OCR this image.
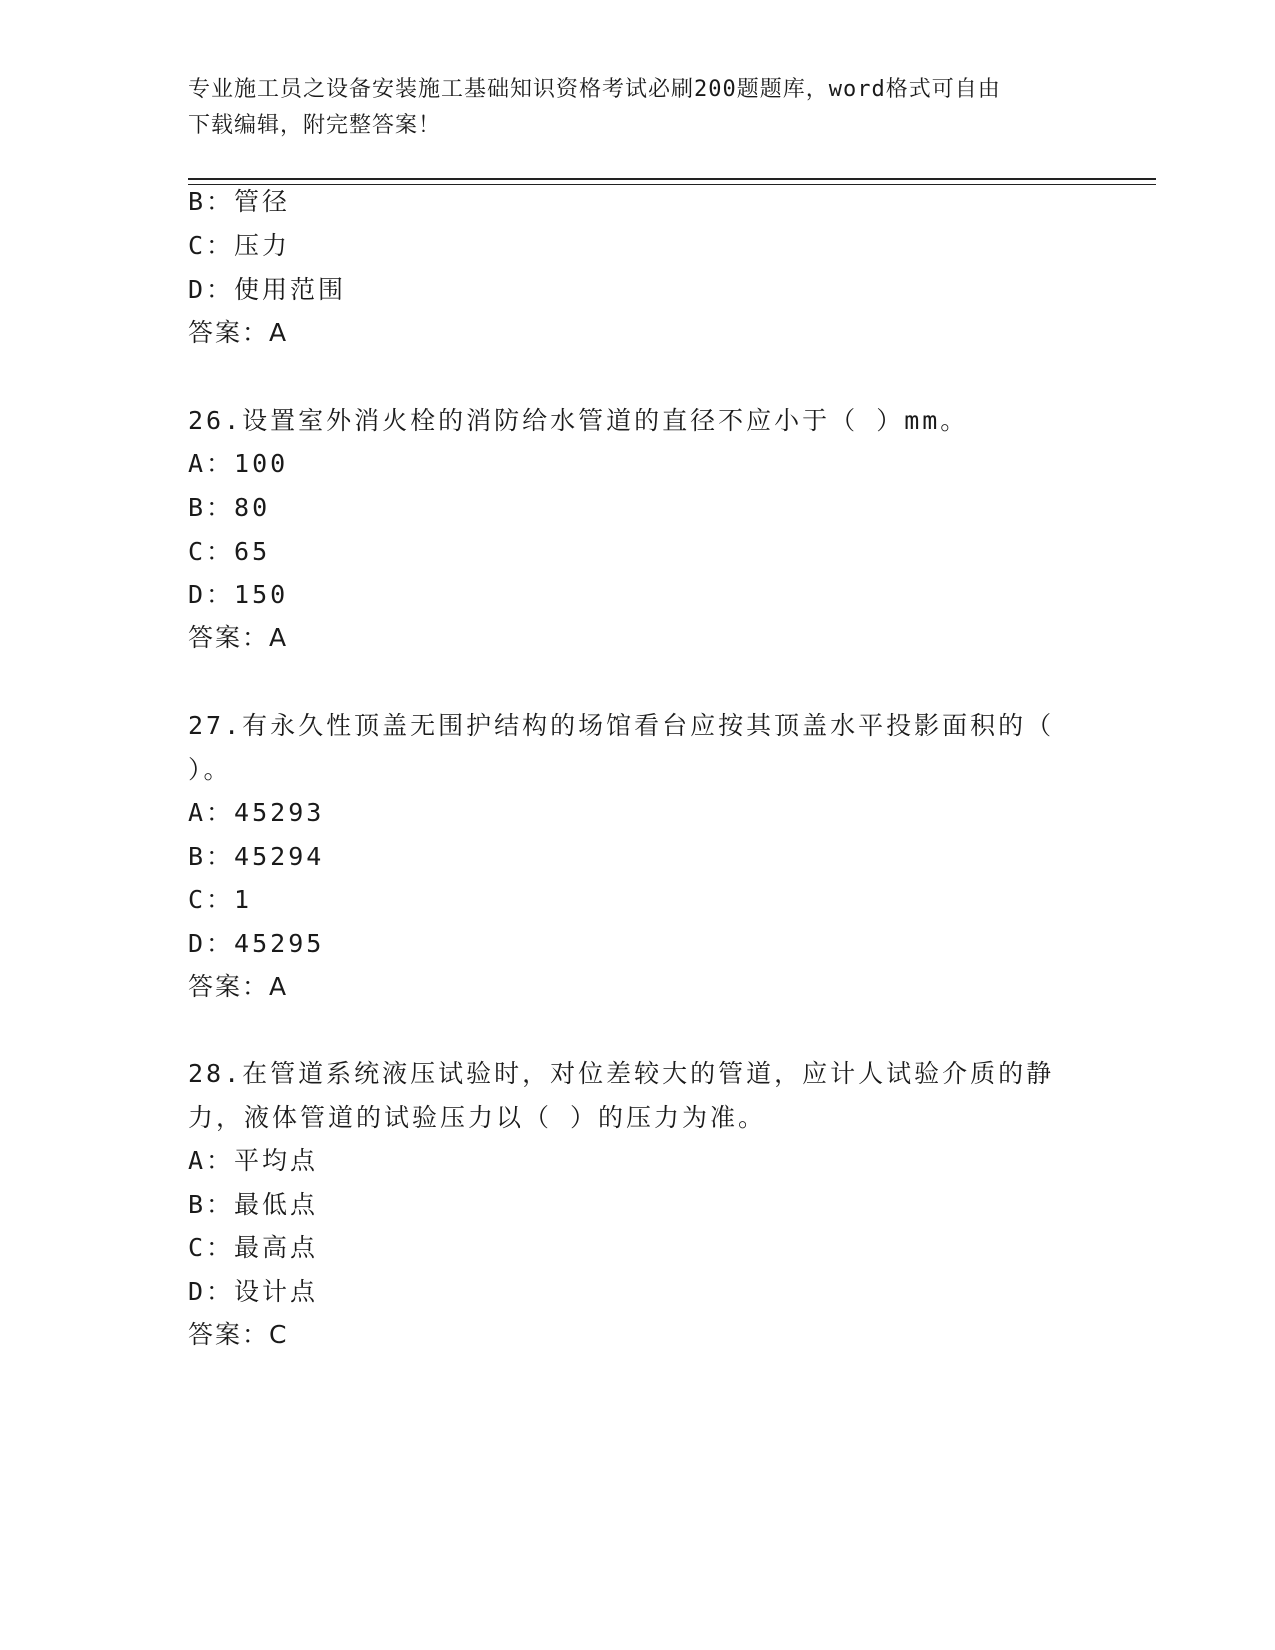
专业施工员之设备安装施工基础知识资格考试必刷200题题库，word格式可自由
下载编辑，附完整答案！
B：管径
C：压力
D：使用范围
答案：A
26.设置室外消火栓的消防给水管道的直径不应小于（ ）mm。
A：100
B：80
C：65
D：150
答案：A
27.有永久性顶盖无围护结构的场馆看台应按其顶盖水平投影面积的（
）。
A：45293
B：45294
C：1
D：45295
答案：A
28.在管道系统液压试验时，对位差较大的管道，应计人试验介质的静
力，液体管道的试验压力以（ ）的压力为准。
A：平均点
B：最低点
C：最高点
D：设计点
答案：C
